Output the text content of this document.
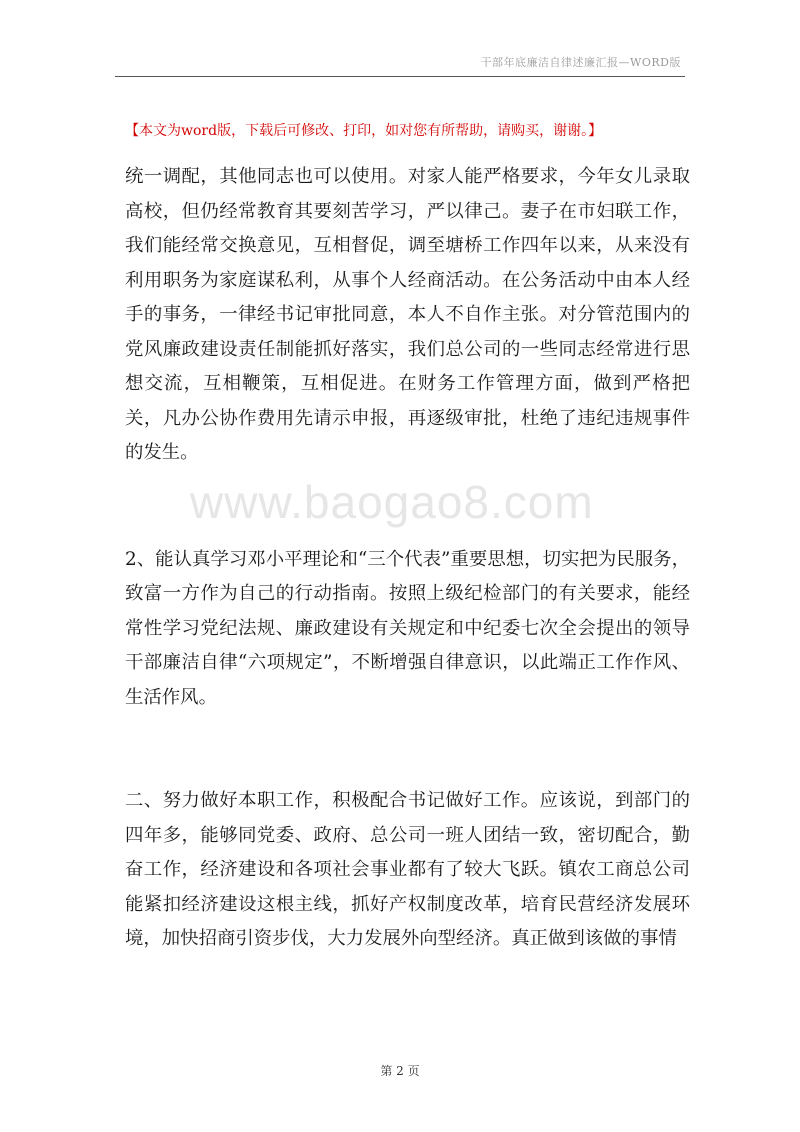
干部年底廉洁自律述廉汇报—WORD版
【本文为word版，下载后可修改、打印，如对您有所帮助，请购买，谢谢。】

统一调配，其他同志也可以使用。对家人能严格要求，今年女儿录取高校，但仍经常教育其要刻苦学习，严以律己。妻子在市妇联工作，我们能经常交换意见，互相督促，调至塘桥工作四年以来，从来没有利用职务为家庭谋私利，从事个人经商活动。在公务活动中由本人经手的事务，一律经书记审批同意，本人不自作主张。对分管范围内的党风廉政建设责任制能抓好落实，我们总公司的一些同志经常进行思想交流，互相鞭策，互相促进。在财务工作管理方面，做到严格把关，凡办公协作费用先请示申报，再逐级审批，杜绝了违纪违规事件的发生。

www.baogao8.com

2、能认真学习邓小平理论和“三个代表”重要思想，切实把为民服务，致富一方作为自己的行动指南。按照上级纪检部门的有关要求，能经常性学习党纪法规、廉政建设有关规定和中纪委七次全会提出的领导干部廉洁自律“六项规定”，不断增强自律意识，以此端正工作作风、生活作风。

二、努力做好本职工作，积极配合书记做好工作。应该说，到部门的四年多，能够同党委、政府、总公司一班人团结一致，密切配合，勤奋工作，经济建设和各项社会事业都有了较大飞跃。镇农工商总公司能紧扣经济建设这根主线，抓好产权制度改革，培育民营经济发展环境，加快招商引资步伐，大力发展外向型经济。真正做到该做的事情

第 2 页
